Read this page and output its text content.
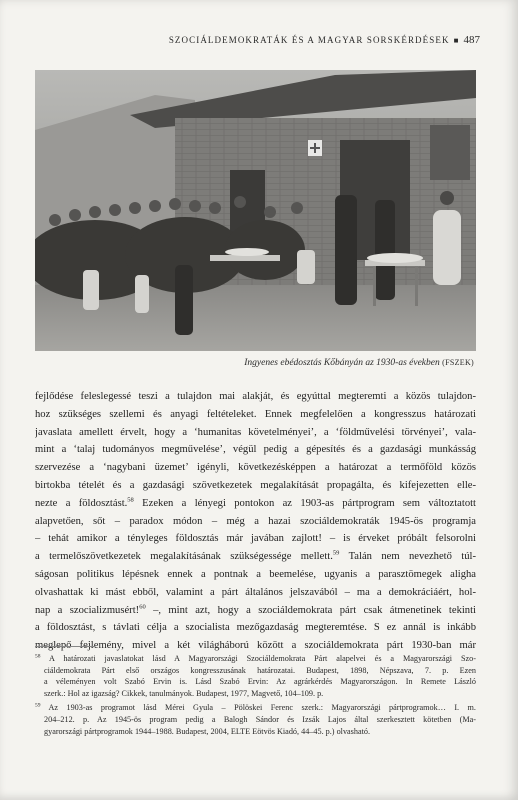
SZOCIÁLDEMOKRATÁK ÉS A MAGYAR SORSKÉRDÉSEK ■ 487
Ingyenes ebédosztás Kőbányán az 1930-as években (FSZEK)
fejlődése feleslegessé teszi a tulajdon mai alakját, és egyúttal megteremti a közös tulajdon-
hoz szükséges szellemi és anyagi feltételeket. Ennek megfelelően a kongresszus határozati
javaslata amellett érvelt, hogy a ‘humanitas követelményei’, a ‘földművelési törvényei’, vala-
mint a ‘talaj tudományos megművelése’, végül pedig a gépesítés és a gazdasági munkásság
szervezése a ‘nagybani üzemet’ igényli, következésképpen a határozat a termőföld közös
birtokba tételét és a gazdasági szövetkezetek megalakítását propagálta, és kifejezetten elle-
nezte a földosztást.$^{58}$ Ezeken a lényegi pontokon az 1903-as pártprogram sem változtatott
alapvetően, sőt – paradox módon – még a hazai szociáldemokraták 1945-ös programja
– tehát amikor a tényleges földosztás már javában zajlott! – is érveket próbált felsorolni
a termelőszövetkezetek megalakításának szükségessége mellett.$^{59}$ Talán nem nevezhető túl-
ságosan politikus lépésnek ennek a pontnak a beemelése, ugyanis a parasztömegek aligha
olvashattak ki mást ebből, valamint a párt általános jelszavából – ma a demokráciáért, hol-
nap a szocializmusért!$^{60}$ –, mint azt, hogy a szociáldemokrata párt csak átmenetinek tekinti
a földosztást, s távlati célja a szocialista mezőgazdaság megteremtése. S ez annál is inkább
meglepő fejlemény, mivel a két világháború között a szociáldemokrata párt 1930-ban már
$^{58}$ A határozati javaslatokat lásd A Magyarországi Szociáldemokrata Párt alapelvei és a Magyarországi Szo-
ciáldemokrata Párt első országos kongresszusának határozatai. Budapest, 1898, Népszava, 7. p. Ezen
a véleményen volt Szabó Ervin is. Lásd Szabó Ervin: Az agrárkérdés Magyarországon. In Remete László
szerk.: Hol az igazság? Cikkek, tanulmányok. Budapest, 1977, Magvető, 104–109. p.
$^{59}$ Az 1903-as programot lásd Mérei Gyula – Pölöskei Ferenc szerk.: Magyarországi pártprogramok… I. m.
204–212. p. Az 1945-ös program pedig a Balogh Sándor és Izsák Lajos által szerkesztett kötetben (Ma-
gyarországi pártprogramok 1944–1988. Budapest, 2004, ELTE Eötvös Kiadó, 44–45. p.) olvasható.
